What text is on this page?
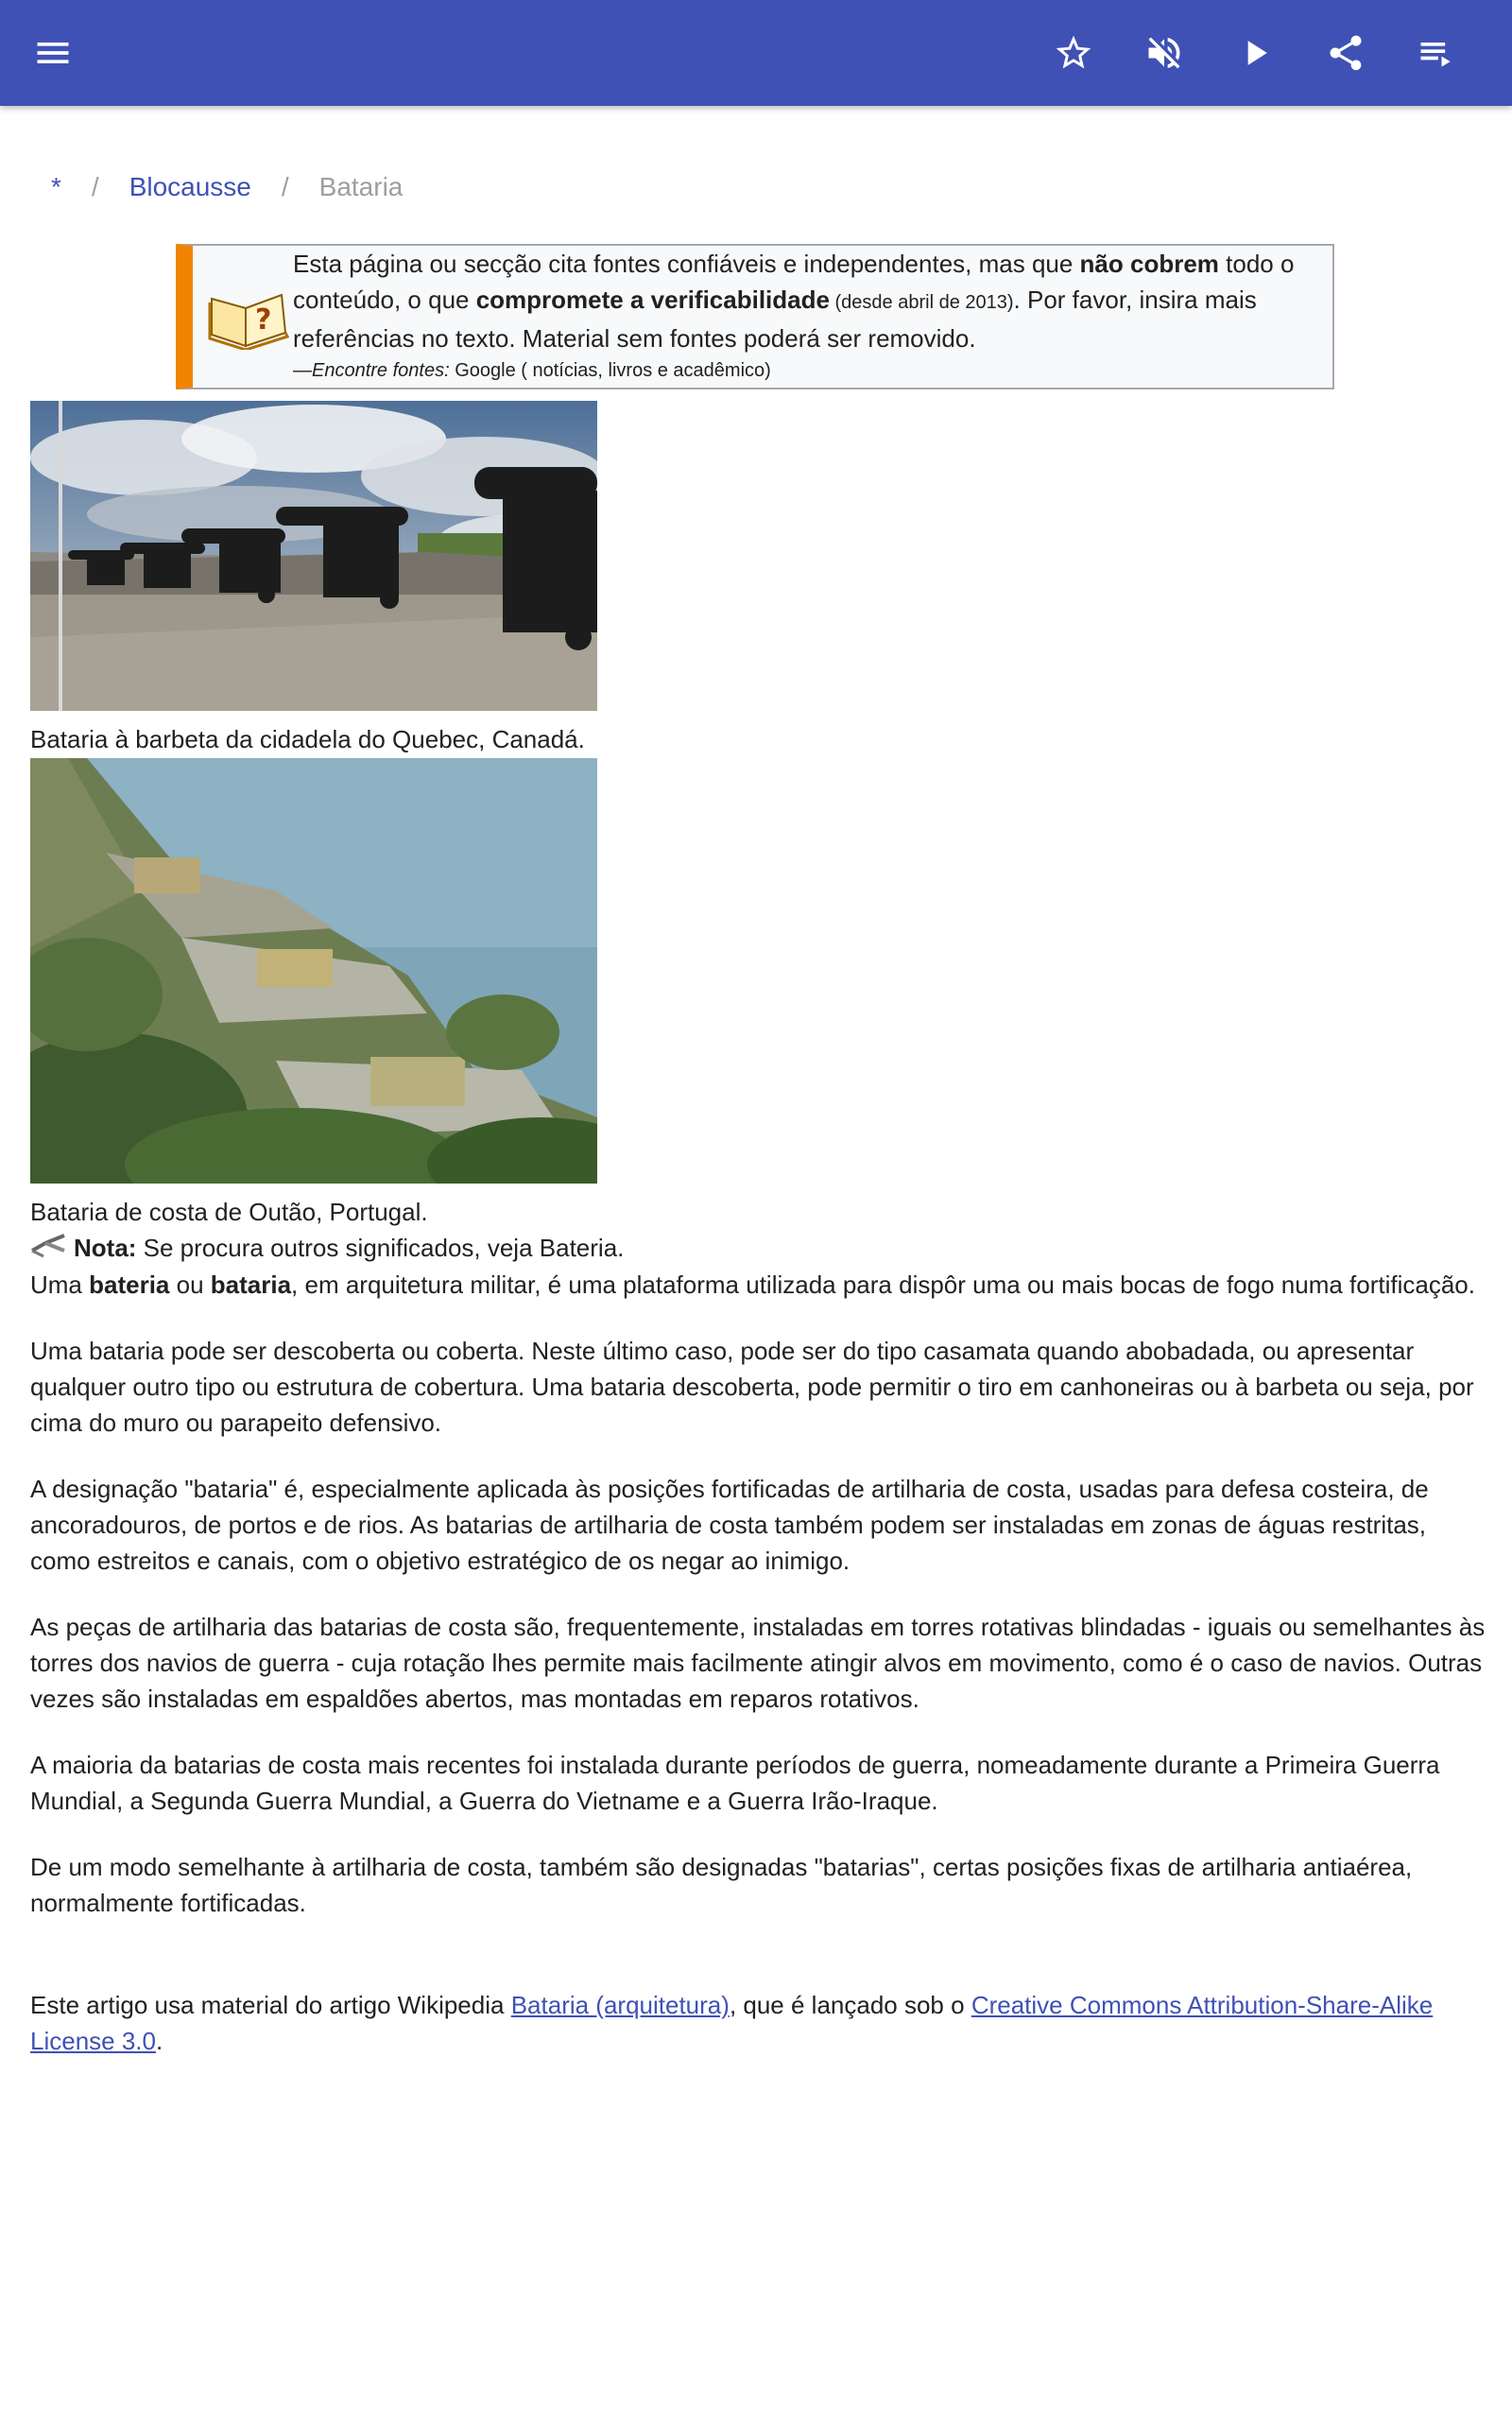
* / Blocausse / Bataria
?
Esta página ou secção cita fontes confiáveis e independentes, mas que não cobrem todo o conteúdo, o que compromete a verificabilidade (desde abril de 2013). Por favor, insira mais referências no texto. Material sem fontes poderá ser removido.
—Encontre fontes: Google ( notícias, livros e acadêmico)
Bataria à barbeta da cidadela do Quebec, Canadá.
Bataria de costa de Outão, Portugal.
Nota: Se procura outros significados, veja Bateria.

Uma bateria ou bataria, em arquitetura militar, é uma plataforma utilizada para dispôr uma ou mais bocas de fogo numa fortificação.

Uma bataria pode ser descoberta ou coberta. Neste último caso, pode ser do tipo casamata quando abobadada, ou apresentar qualquer outro tipo ou estrutura de cobertura. Uma bataria descoberta, pode permitir o tiro em canhoneiras ou à barbeta ou seja, por cima do muro ou parapeito defensivo.

A designação "bataria" é, especialmente aplicada às posições fortificadas de artilharia de costa, usadas para defesa costeira, de ancoradouros, de portos e de rios. As batarias de artilharia de costa também podem ser instaladas em zonas de águas restritas, como estreitos e canais, com o objetivo estratégico de os negar ao inimigo.

As peças de artilharia das batarias de costa são, frequentemente, instaladas em torres rotativas blindadas - iguais ou semelhantes às torres dos navios de guerra - cuja rotação lhes permite mais facilmente atingir alvos em movimento, como é o caso de navios. Outras vezes são instaladas em espaldões abertos, mas montadas em reparos rotativos.

A maioria da batarias de costa mais recentes foi instalada durante períodos de guerra, nomeadamente durante a Primeira Guerra Mundial, a Segunda Guerra Mundial, a Guerra do Vietname e a Guerra Irão-Iraque.

De um modo semelhante à artilharia de costa, também são designadas "batarias", certas posições fixas de artilharia antiaérea, normalmente fortificadas.

Este artigo usa material do artigo Wikipedia Bataria (arquitetura), que é lançado sob o Creative Commons Attribution-Share-Alike License 3.0.
